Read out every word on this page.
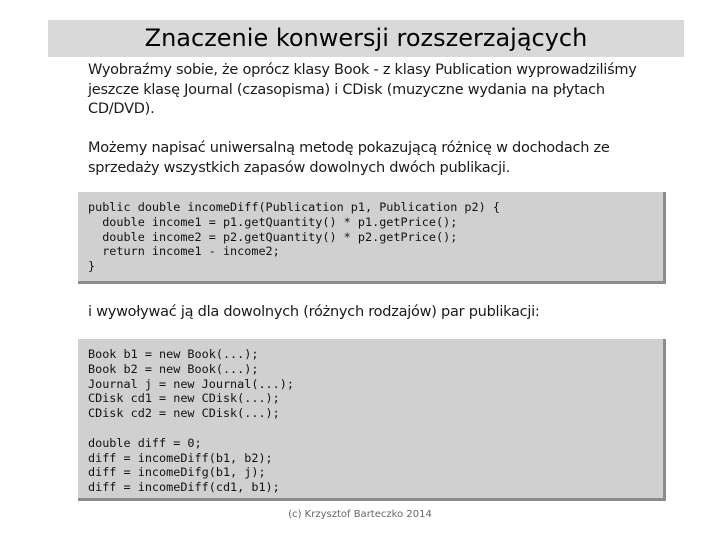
Znaczenie konwersji rozszerzających
Wyobraźmy sobie, że oprócz klasy Book - z klasy Publication wyprowadziliśmy
jeszcze klasę Journal (czasopisma) i CDisk (muzyczne wydania na płytach
CD/DVD).
Możemy napisać uniwersalną metodę pokazującą różnicę w dochodach ze
sprzedaży wszystkich zapasów dowolnych dwóch publikacji.
public double incomeDiff(Publication p1, Publication p2) {
double income1 = p1.getQuantity() * p1.getPrice();
double income2 = p2.getQuantity() * p2.getPrice();
return income1 - income2;
}
i wywoływać ją dla dowolnych (różnych rodzajów) par publikacji:
Book b1 = new Book(...);
Book b2 = new Book(...);
Journal j = new Journal(...);
CDisk cd1 = new CDisk(...);
CDisk cd2 = new CDisk(...);
double diff = 0;
diff = incomeDiff(b1, b2);
diff = incomeDifg(b1, j);
diff = incomeDiff(cd1, b1);
(c) Krzysztof Barteczko 2014
